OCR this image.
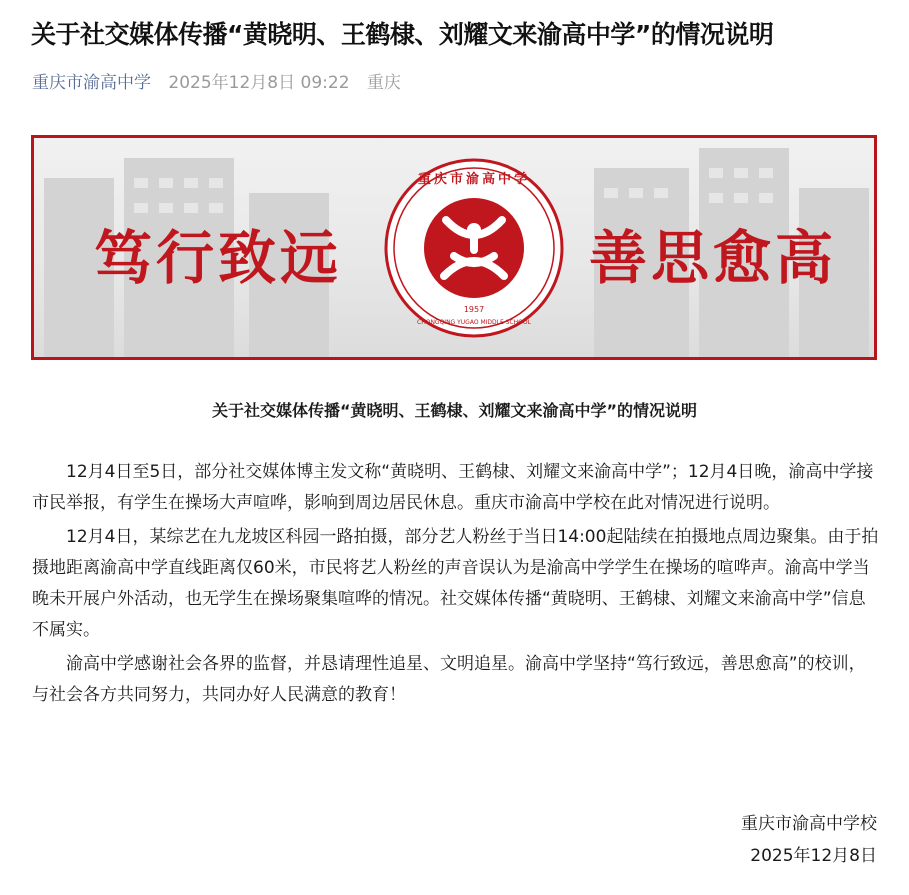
关于社交媒体传播“黄晓明、王鹤棣、刘耀文来渝高中学”的情况说明
重庆市渝高中学 2025年12月8日 09:22 重庆
笃行致远
重庆市渝高中学
CHONGQING YUGAO MIDDLE SCHOOL
1957
善思愈高
关于社交媒体传播“黄晓明、王鹤棣、刘耀文来渝高中学”的情况说明

12月4日至5日，部分社交媒体博主发文称“黄晓明、王鹤棣、刘耀文来渝高中学”；12月4日晚，渝高中学接市民举报，有学生在操场大声喧哗，影响到周边居民休息。重庆市渝高中学校在此对情况进行说明。

12月4日，某综艺在九龙坡区科园一路拍摄，部分艺人粉丝于当日14:00起陆续在拍摄地点周边聚集。由于拍摄地距离渝高中学直线距离仅60米，市民将艺人粉丝的声音误认为是渝高中学学生在操场的喧哗声。渝高中学当晚未开展户外活动，也无学生在操场聚集喧哗的情况。社交媒体传播“黄晓明、王鹤棣、刘耀文来渝高中学”信息不属实。

渝高中学感谢社会各界的监督，并恳请理性追星、文明追星。渝高中学坚持“笃行致远，善思愈高”的校训，与社会各方共同努力，共同办好人民满意的教育！

重庆市渝高中学校
2025年12月8日
